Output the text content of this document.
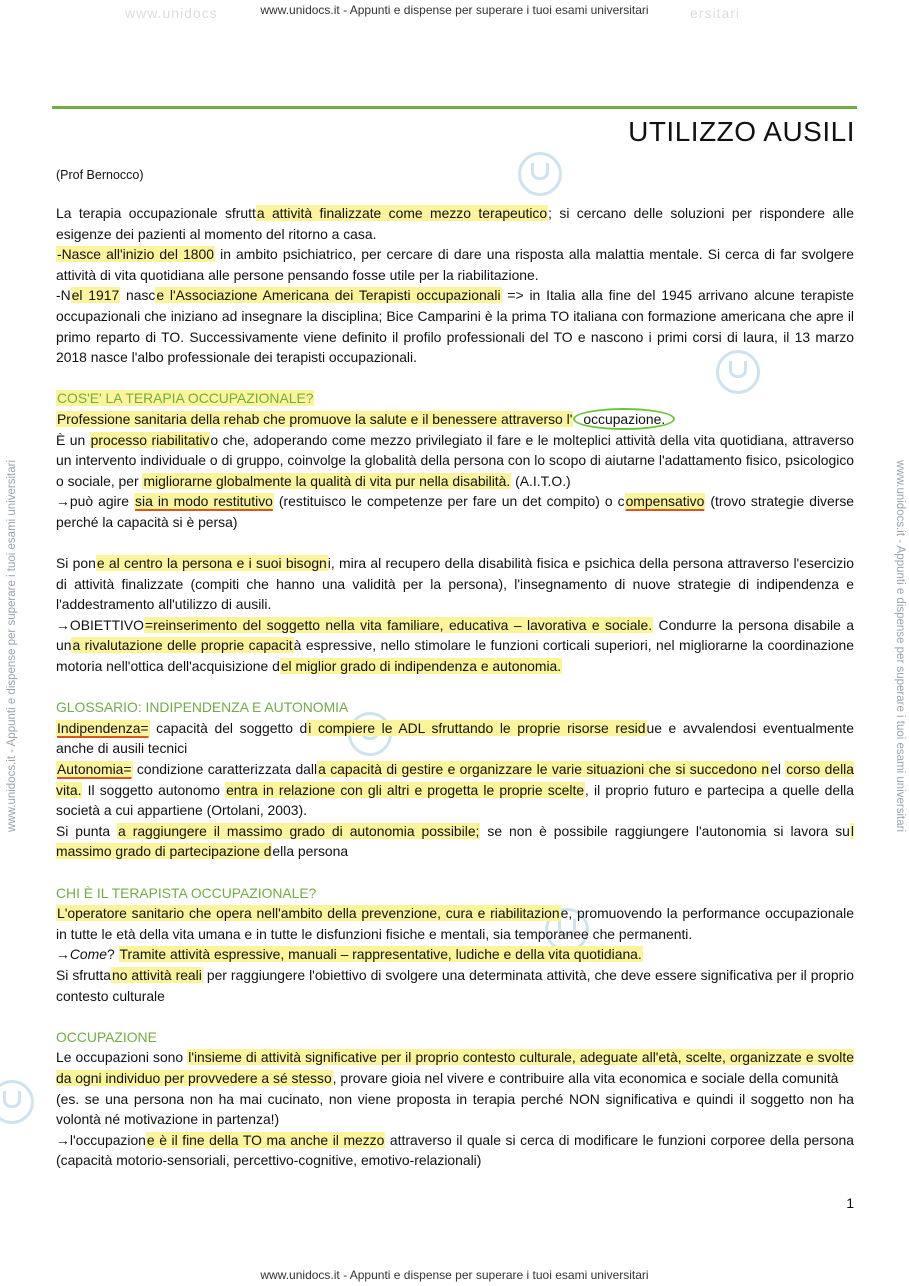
www.unidocs.it - Appunti e dispense per superare i tuoi esami universitari
www.unidocs	ersitari
www.unidocs.it - Appunti e dispense per superare i tuoi esami universitari
www.unidocs.it - Appunti e dispense per superare i tuoi esami universitari	www.unidocs.it - Appunti e dispense per superare i tuoi esami universitari
UTILIZZO AUSILI
(Prof Bernocco)

La terapia occupazionale sfrutta attività finalizzate come mezzo terapeutico; si cercano delle soluzioni per rispondere alle esigenze dei pazienti al momento del ritorno a casa.

-Nasce all'inizio del 1800 in ambito psichiatrico, per cercare di dare una risposta alla malattia mentale. Si cerca di far svolgere attività di vita quotidiana alle persone pensando fosse utile per la riabilitazione.

-Nel 1917 nasce l'Associazione Americana dei Terapisti occupazionali => in Italia alla fine del 1945 arrivano alcune terapiste occupazionali che iniziano ad insegnare la disciplina; Bice Camparini è la prima TO italiana con formazione americana che apre il primo reparto di TO. Successivamente viene definito il profilo professionali del TO e nascono i primi corsi di laura, il 13 marzo 2018 nasce l'albo professionale dei terapisti occupazionali.

COS'E' LA TERAPIA OCCUPAZIONALE?

Professione sanitaria della rehab che promuove la salute e il benessere attraverso l' occupazione.

È un processo riabilitativo che, adoperando come mezzo privilegiato il fare e le molteplici attività della vita quotidiana, attraverso un intervento individuale o di gruppo, coinvolge la globalità della persona con lo scopo di aiutarne l'adattamento fisico, psicologico o sociale, per migliorarne globalmente la qualità di vita pur nella disabilità. (A.I.T.O.)

→può agire sia in modo restitutivo (restituisco le competenze per fare un det compito) o compensativo (trovo strategie diverse perché la capacità si è persa)

Si pone al centro la persona e i suoi bisogni, mira al recupero della disabilità fisica e psichica della persona attraverso l'esercizio di attività finalizzate (compiti che hanno una validità per la persona), l'insegnamento di nuove strategie di indipendenza e l'addestramento all'utilizzo di ausili.

→OBIETTIVO=reinserimento del soggetto nella vita familiare, educativa – lavorativa e sociale. Condurre la persona disabile a una rivalutazione delle proprie capacità espressive, nello stimolare le funzioni corticali superiori, nel migliorarne la coordinazione motoria nell'ottica dell'acquisizione del miglior grado di indipendenza e autonomia.

GLOSSARIO: INDIPENDENZA E AUTONOMIA

Indipendenza= capacità del soggetto di compiere le ADL sfruttando le proprie risorse residue e avvalendosi eventualmente anche di ausili tecnici

Autonomia= condizione caratterizzata dalla capacità di gestire e organizzare le varie situazioni che si succedono nel corso della vita. Il soggetto autonomo entra in relazione con gli altri e progetta le proprie scelte, il proprio futuro e partecipa a quelle della società a cui appartiene (Ortolani, 2003).

Si punta a raggiungere il massimo grado di autonomia possibile; se non è possibile raggiungere l'autonomia si lavora sul massimo grado di partecipazione della persona

CHI È IL TERAPISTA OCCUPAZIONALE?

L'operatore sanitario che opera nell'ambito della prevenzione, cura e riabilitazione, promuovendo la performance occupazionale in tutte le età della vita umana e in tutte le disfunzioni fisiche e mentali, sia temporanee che permanenti.

→Come? Tramite attività espressive, manuali – rappresentative, ludiche e della vita quotidiana.

Si sfruttano attività reali per raggiungere l'obiettivo di svolgere una determinata attività, che deve essere significativa per il proprio contesto culturale

OCCUPAZIONE

Le occupazioni sono l'insieme di attività significative per il proprio contesto culturale, adeguate all'età, scelte, organizzate e svolte da ogni individuo per provvedere a sé stesso, provare gioia nel vivere e contribuire alla vita economica e sociale della comunità

(es. se una persona non ha mai cucinato, non viene proposta in terapia perché NON significativa e quindi il soggetto non ha volontà né motivazione in partenza!)

→l'occupazione è il fine della TO ma anche il mezzo attraverso il quale si cerca di modificare le funzioni corporee della persona (capacità motorio-sensoriali, percettivo-cognitive, emotivo-relazionali)

1
